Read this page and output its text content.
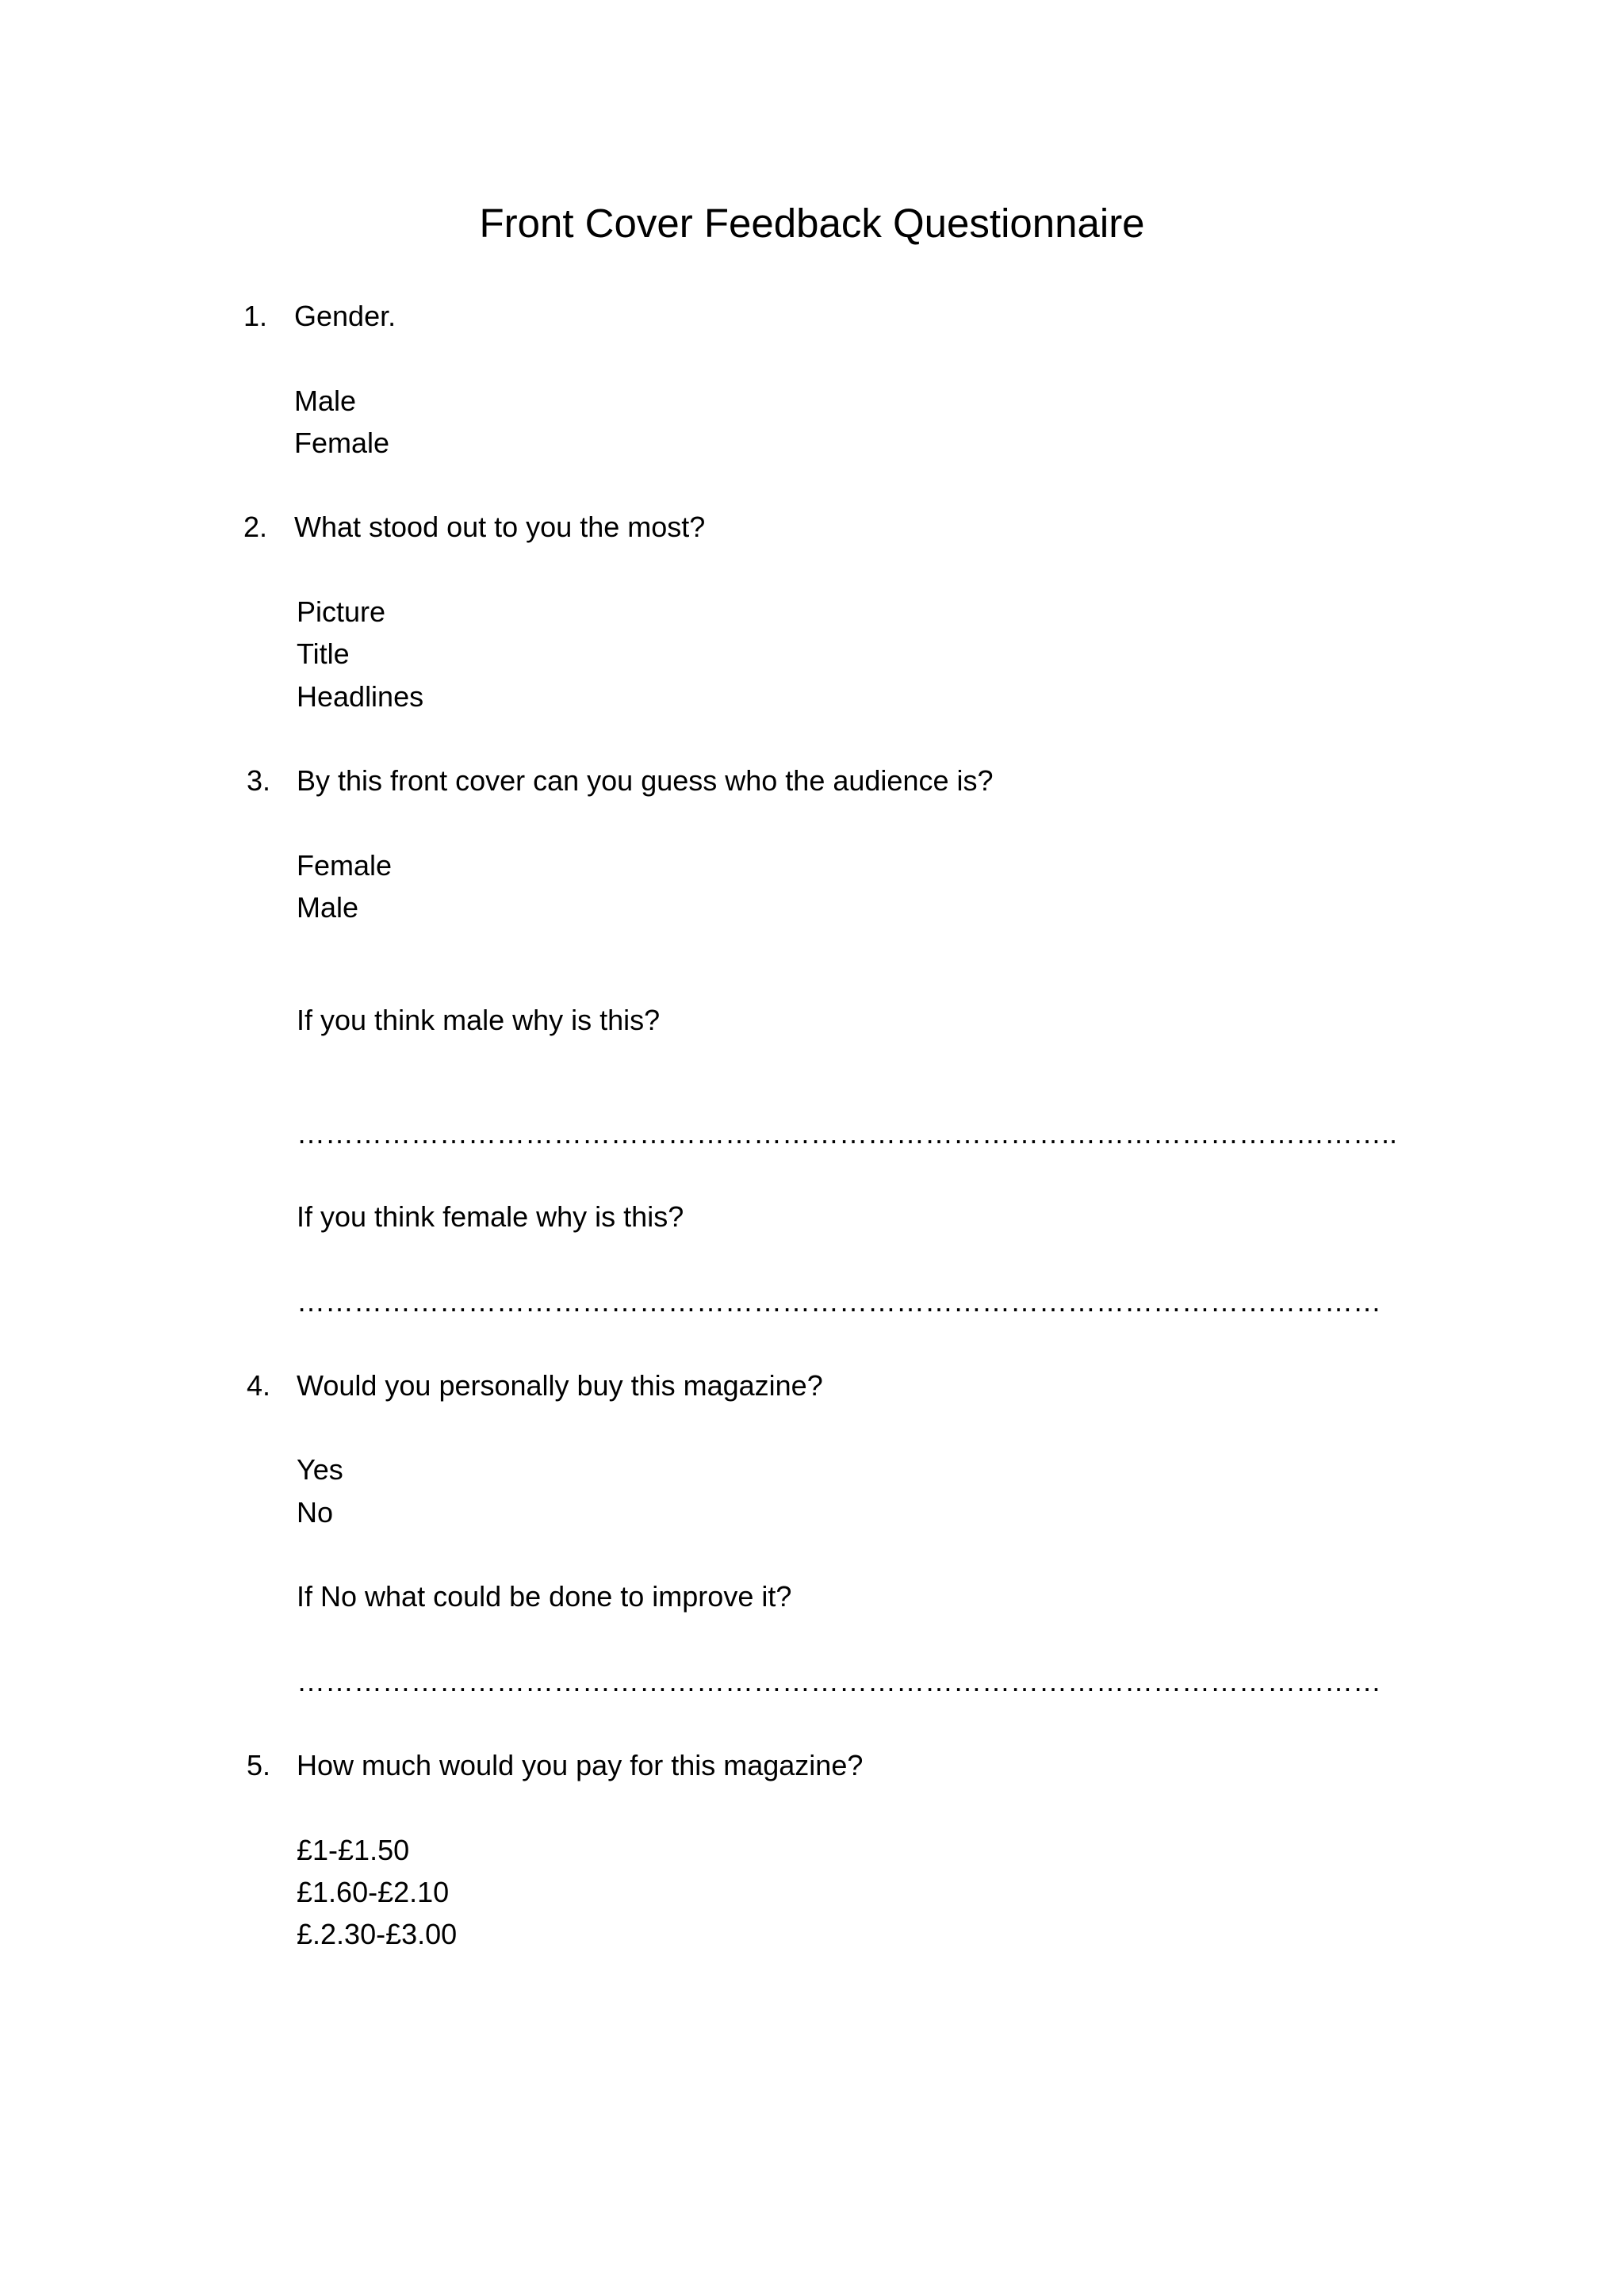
Front Cover Feedback Questionnaire
1. Gender.
Male
Female
2. What stood out to you the most?
Picture
Title
Headlines
3. By this front cover can you guess who the audience is?
Female
Male
If you think male why is this?
……………………………………………………………………………………………………..
If you think female why is this?
……………………………………………………………………………………………………
4. Would you personally buy this magazine?
Yes
No
If No what could be done to improve it?
……………………………………………………………………………………………………
5. How much would you pay for this magazine?
£1-£1.50
£1.60-£2.10
£.2.30-£3.00
